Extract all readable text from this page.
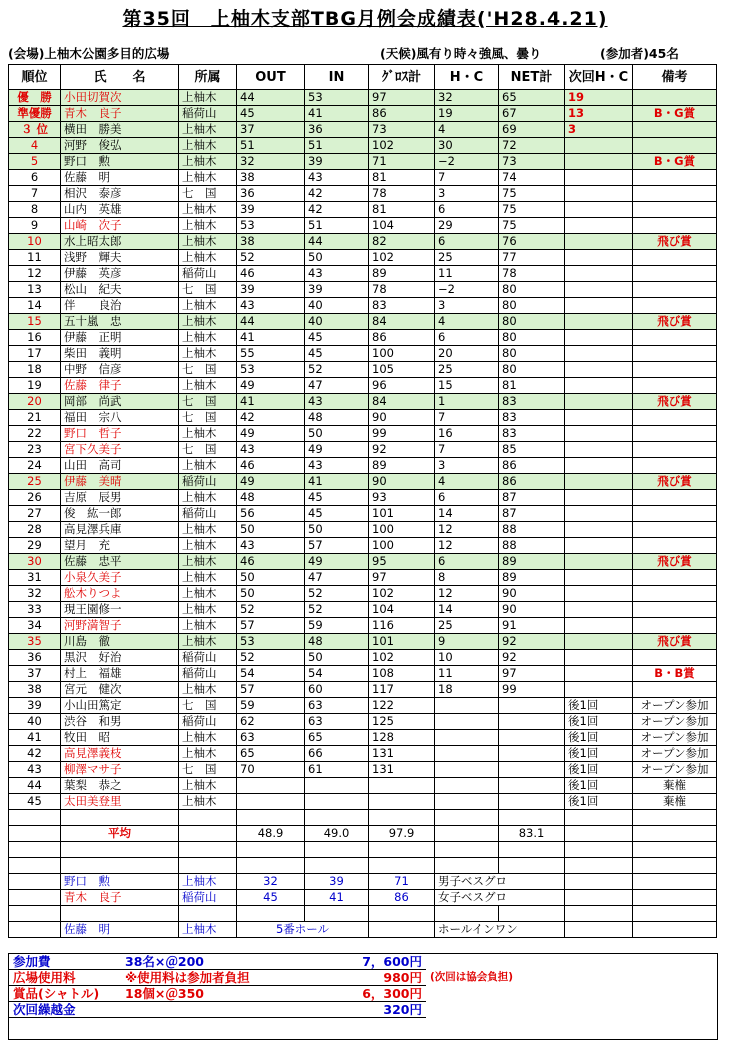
第35回　上柚木支部TBG月例会成績表('H28.4.21)
(会場)上柚木公園多目的広場	(天候)風有り時々強風、曇り	(参加者)45名
順位	氏　　名	所属	OUT	IN	ｸﾞﾛｽ計	H・C	NET計	次回H・C	備考
優　勝	小田切賀次	上柚木	44	53	97	32	65	19	
準優勝	青木　良子	稲荷山	45	41	86	19	67	13	B・G賞
３ 位	横田　勝美	上柚木	37	36	73	4	69	3	
4	河野　俊弘	上柚木	51	51	102	30	72		
5	野口　勲	上柚木	32	39	71	−2	73		B・G賞
6	佐藤　明	上柚木	38	43	81	7	74		
7	相沢　泰彦	七　国	36	42	78	3	75		
8	山内　英雄	上柚木	39	42	81	6	75		
9	山崎　次子	上柚木	53	51	104	29	75		
10	水上昭太郎	上柚木	38	44	82	6	76		飛び賞
11	浅野　輝夫	上柚木	52	50	102	25	77		
12	伊藤　英彦	稲荷山	46	43	89	11	78		
13	松山　紀夫	七　国	39	39	78	−2	80		
14	伴　　良治	上柚木	43	40	83	3	80		
15	五十嵐　忠	上柚木	44	40	84	4	80		飛び賞
16	伊藤　正明	上柚木	41	45	86	6	80		
17	柴田　義明	上柚木	55	45	100	20	80		
18	中野　信彦	七　国	53	52	105	25	80		
19	佐藤　律子	上柚木	49	47	96	15	81		
20	岡部　尚武	七　国	41	43	84	1	83		飛び賞
21	福田　宗八	七　国	42	48	90	7	83		
22	野口　哲子	上柚木	49	50	99	16	83		
23	宮下久美子	七　国	43	49	92	7	85		
24	山田　高司	上柚木	46	43	89	3	86		
25	伊藤　美晴	稲荷山	49	41	90	4	86		飛び賞
26	吉原　辰男	上柚木	48	45	93	6	87		
27	俊　紘一郎	稲荷山	56	45	101	14	87		
28	高見澤兵庫	上柚木	50	50	100	12	88		
29	望月　充	上柚木	43	57	100	12	88		
30	佐藤　忠平	上柚木	46	49	95	6	89		飛び賞
31	小泉久美子	上柚木	50	47	97	8	89		
32	舩木りつよ	上柚木	50	52	102	12	90		
33	現王園修一	上柚木	52	52	104	14	90		
34	河野満智子	上柚木	57	59	116	25	91		
35	川島　徹	上柚木	53	48	101	9	92		飛び賞
36	黒沢　好治	稲荷山	52	50	102	10	92		
37	村上　福雄	稲荷山	54	54	108	11	97		B・B賞
38	宮元　健次	上柚木	57	60	117	18	99		
39	小山田篤定	七　国	59	63	122			後1回	オープン参加
40	渋谷　和男	稲荷山	62	63	125			後1回	オープン参加
41	牧田　昭	上柚木	63	65	128			後1回	オープン参加
42	高見澤義枝	上柚木	65	66	131			後1回	オープン参加
43	柳澤マサ子	七　国	70	61	131			後1回	オープン参加
44	葉梨　恭之	上柚木						後1回	棄権
45	太田美登里	上柚木						後1回	棄権

	平均		48.9	49.0	97.9		83.1		

	野口　勲	上柚木	32	39	71	男子ベスグロ			
	青木　良子	稲荷山	45	41	86	女子ベスグロ			

	佐藤　明	上柚木	5番ホール			ホールインワン			
参加費	38名×＠200	7，600円	
広場使用料	※使用料は参加者負担	980円	(次回は協会負担)
賞品(シャトル)	18個×＠350	6，300円	
次回繰越金		320円	
